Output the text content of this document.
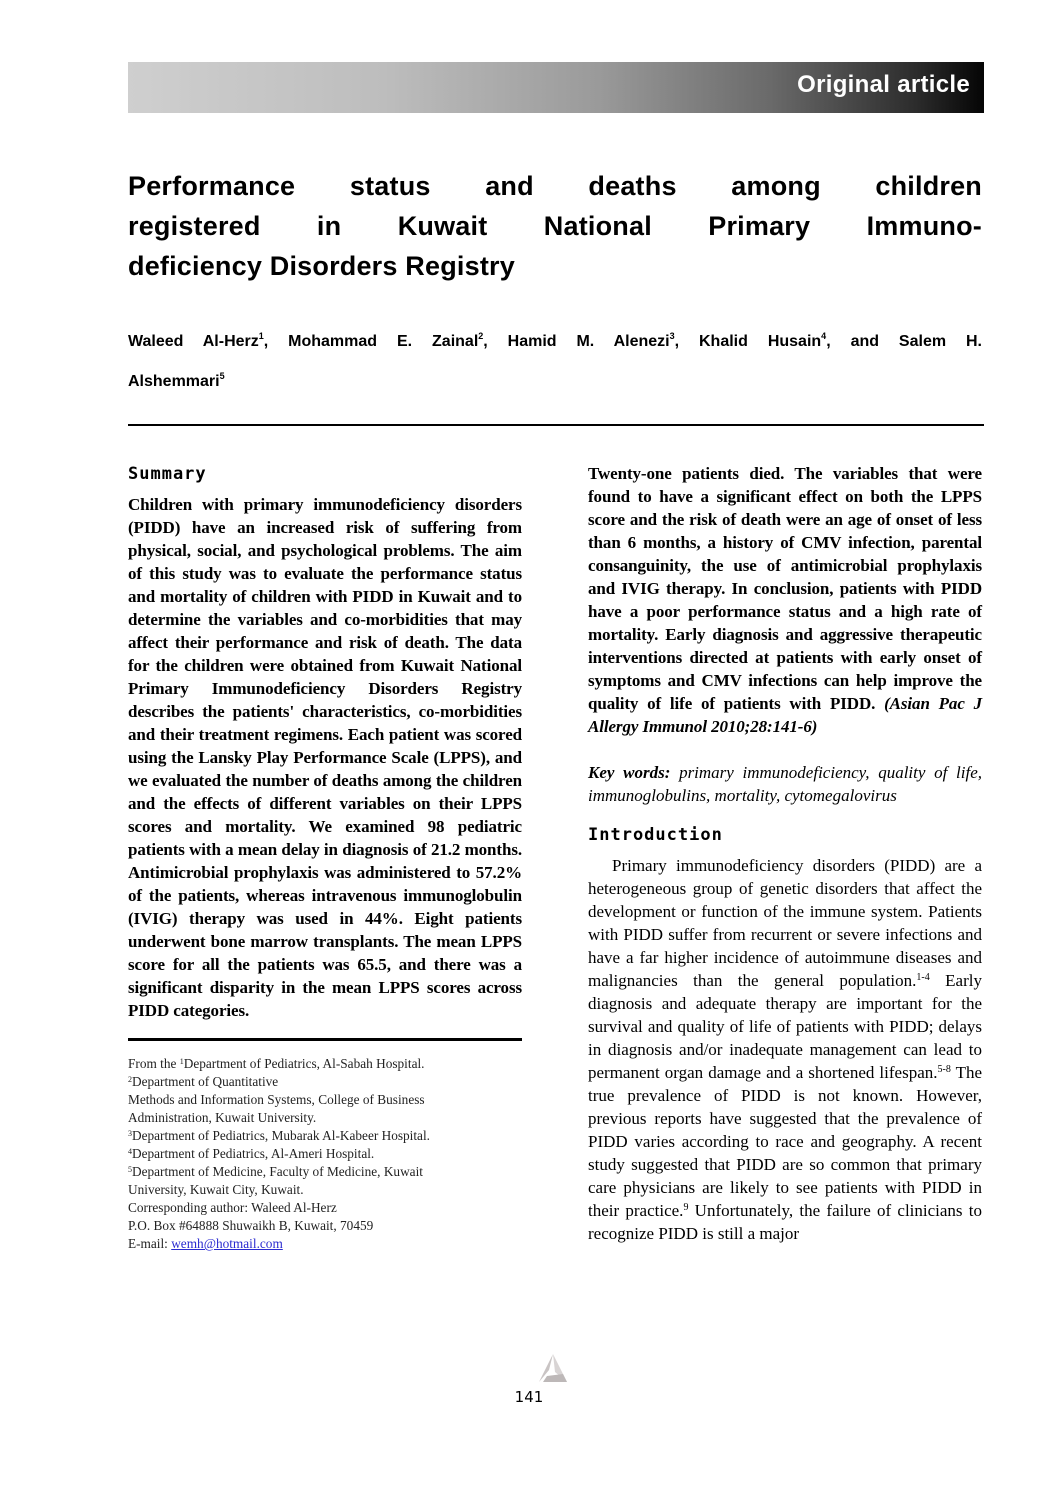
Original article
Performance status and deaths among children
registered in Kuwait National Primary Immuno-
deficiency Disorders Registry
Waleed Al-Herz$^1$, Mohammad E. Zainal$^2$, Hamid M. Alenezi$^3$, Khalid Husain$^4$, and Salem H.
Alshemmari$^5$
Summary

Children with primary immunodeficiency disorders (PIDD) have an increased risk of suffering from physical, social, and psychological problems. The aim of this study was to evaluate the performance status and mortality of children with PIDD in Kuwait and to determine the variables and co-morbidities that may affect their performance and risk of death. The data for the children were obtained from Kuwait National Primary Immunodeficiency Disorders Registry describes the patients' characteristics, co-morbidities and their treatment regimens. Each patient was scored using the Lansky Play Performance Scale (LPPS), and we evaluated the number of deaths among the children and the effects of different variables on their LPPS scores and mortality. We examined 98 pediatric patients with a mean delay in diagnosis of 21.2 months. Antimicrobial prophylaxis was administered to 57.2% of the patients, whereas intravenous immunoglobulin (IVIG) therapy was used in 44%. Eight patients underwent bone marrow transplants. The mean LPPS score for all the patients was 65.5, and there was a significant disparity in the mean LPPS scores across PIDD categories.

From the $^1$Department of Pediatrics, Al-Sabah Hospital.
$^2$Department of Quantitative
Methods and Information Systems, College of Business
Administration, Kuwait University.
$^3$Department of Pediatrics, Mubarak Al-Kabeer Hospital.
$^4$Department of Pediatrics, Al-Ameri Hospital.
$^5$Department of Medicine, Faculty of Medicine, Kuwait
University, Kuwait City, Kuwait.
Corresponding author: Waleed Al-Herz
P.O. Box #64888 Shuwaikh B, Kuwait, 70459
E-mail: wemh@hotmail.com

Twenty-one patients died. The variables that were found to have a significant effect on both the LPPS score and the risk of death were an age of onset of less than 6 months, a history of CMV infection, parental consanguinity, the use of antimicrobial prophylaxis and IVIG therapy. In conclusion, patients with PIDD have a poor performance status and a high rate of mortality. Early diagnosis and aggressive therapeutic interventions directed at patients with early onset of symptoms and CMV infections can help improve the quality of life of patients with PIDD. (Asian Pac J Allergy Immunol 2010;28:141-6)

Key words: primary immunodeficiency, quality of life, immunoglobulins, mortality, cytomegalovirus

Introduction

Primary immunodeficiency disorders (PIDD) are a heterogeneous group of genetic disorders that affect the development or function of the immune system. Patients with PIDD suffer from recurrent or severe infections and have a far higher incidence of autoimmune diseases and malignancies than the general population.$^{1-4}$ Early diagnosis and adequate therapy are important for the survival and quality of life of patients with PIDD; delays in diagnosis and/or inadequate management can lead to permanent organ damage and a shortened lifespan.$^{5-8}$ The true prevalence of PIDD is not known. However, previous reports have suggested that the prevalence of PIDD varies according to race and geography. A recent study suggested that PIDD are so common that primary care physicians are likely to see patients with PIDD in their practice.$^9$ Unfortunately, the failure of clinicians to recognize PIDD is still a major

141
